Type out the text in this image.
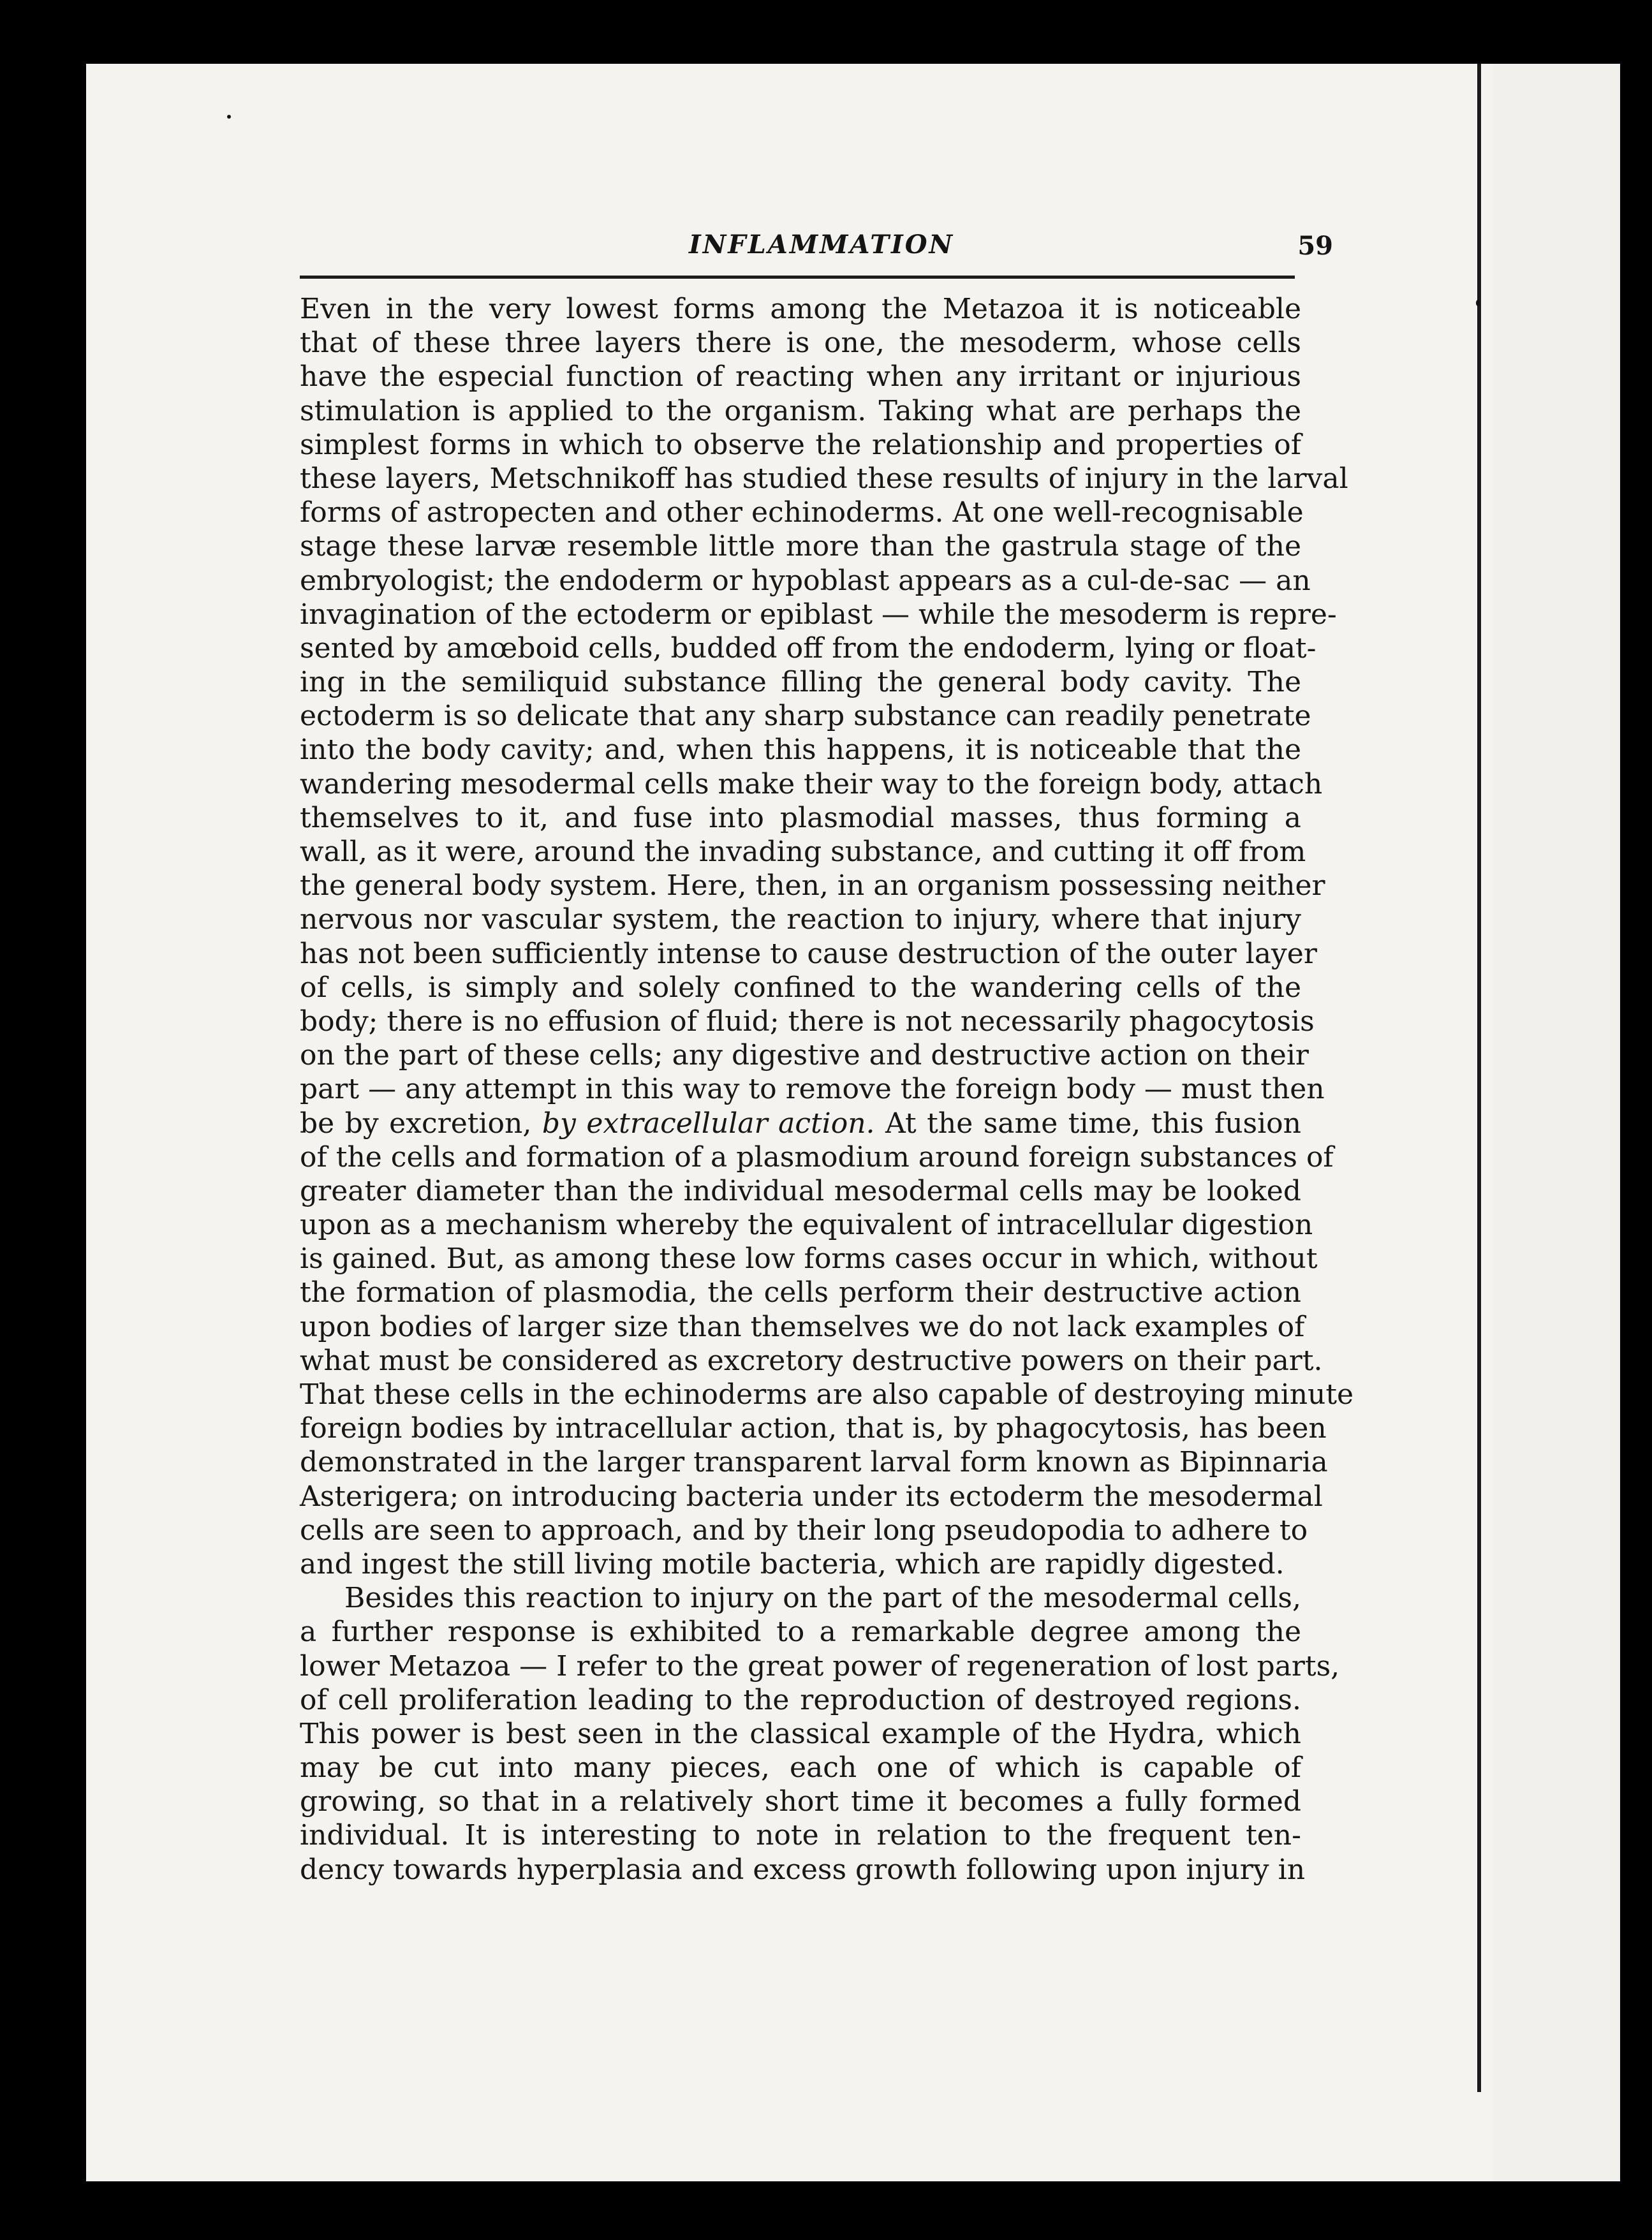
INFLAMMATION	59
Even in the very lowest forms among the Metazoa it is noticeable
that of these three layers there is one, the mesoderm, whose cells
have the especial function of reacting when any irritant or injurious
stimulation is applied to the organism. Taking what are perhaps the
simplest forms in which to observe the relationship and properties of
these layers, Metschnikoff has studied these results of injury in the larval
forms of astropecten and other echinoderms. At one well-recognisable
stage these larvæ resemble little more than the gastrula stage of the
embryologist; the endoderm or hypoblast appears as a cul-de-sac — an
invagination of the ectoderm or epiblast — while the mesoderm is repre-
sented by amœboid cells, budded off from the endoderm, lying or float-
ing in the semiliquid substance filling the general body cavity. The
ectoderm is so delicate that any sharp substance can readily penetrate
into the body cavity; and, when this happens, it is noticeable that the
wandering mesodermal cells make their way to the foreign body, attach
themselves to it, and fuse into plasmodial masses, thus forming a
wall, as it were, around the invading substance, and cutting it off from
the general body system. Here, then, in an organism possessing neither
nervous nor vascular system, the reaction to injury, where that injury
has not been sufficiently intense to cause destruction of the outer layer
of cells, is simply and solely confined to the wandering cells of the
body; there is no effusion of fluid; there is not necessarily phagocytosis
on the part of these cells; any digestive and destructive action on their
part — any attempt in this way to remove the foreign body — must then
be by excretion, by extracellular action. At the same time, this fusion
of the cells and formation of a plasmodium around foreign substances of
greater diameter than the individual mesodermal cells may be looked
upon as a mechanism whereby the equivalent of intracellular digestion
is gained. But, as among these low forms cases occur in which, without
the formation of plasmodia, the cells perform their destructive action
upon bodies of larger size than themselves we do not lack examples of
what must be considered as excretory destructive powers on their part.
That these cells in the echinoderms are also capable of destroying minute
foreign bodies by intracellular action, that is, by phagocytosis, has been
demonstrated in the larger transparent larval form known as Bipinnaria
Asterigera; on introducing bacteria under its ectoderm the mesodermal
cells are seen to approach, and by their long pseudopodia to adhere to
and ingest the still living motile bacteria, which are rapidly digested.
Besides this reaction to injury on the part of the mesodermal cells,
a further response is exhibited to a remarkable degree among the
lower Metazoa — I refer to the great power of regeneration of lost parts,
of cell proliferation leading to the reproduction of destroyed regions.
This power is best seen in the classical example of the Hydra, which
may be cut into many pieces, each one of which is capable of
growing, so that in a relatively short time it becomes a fully formed
individual. It is interesting to note in relation to the frequent ten-
dency towards hyperplasia and excess growth following upon injury in
